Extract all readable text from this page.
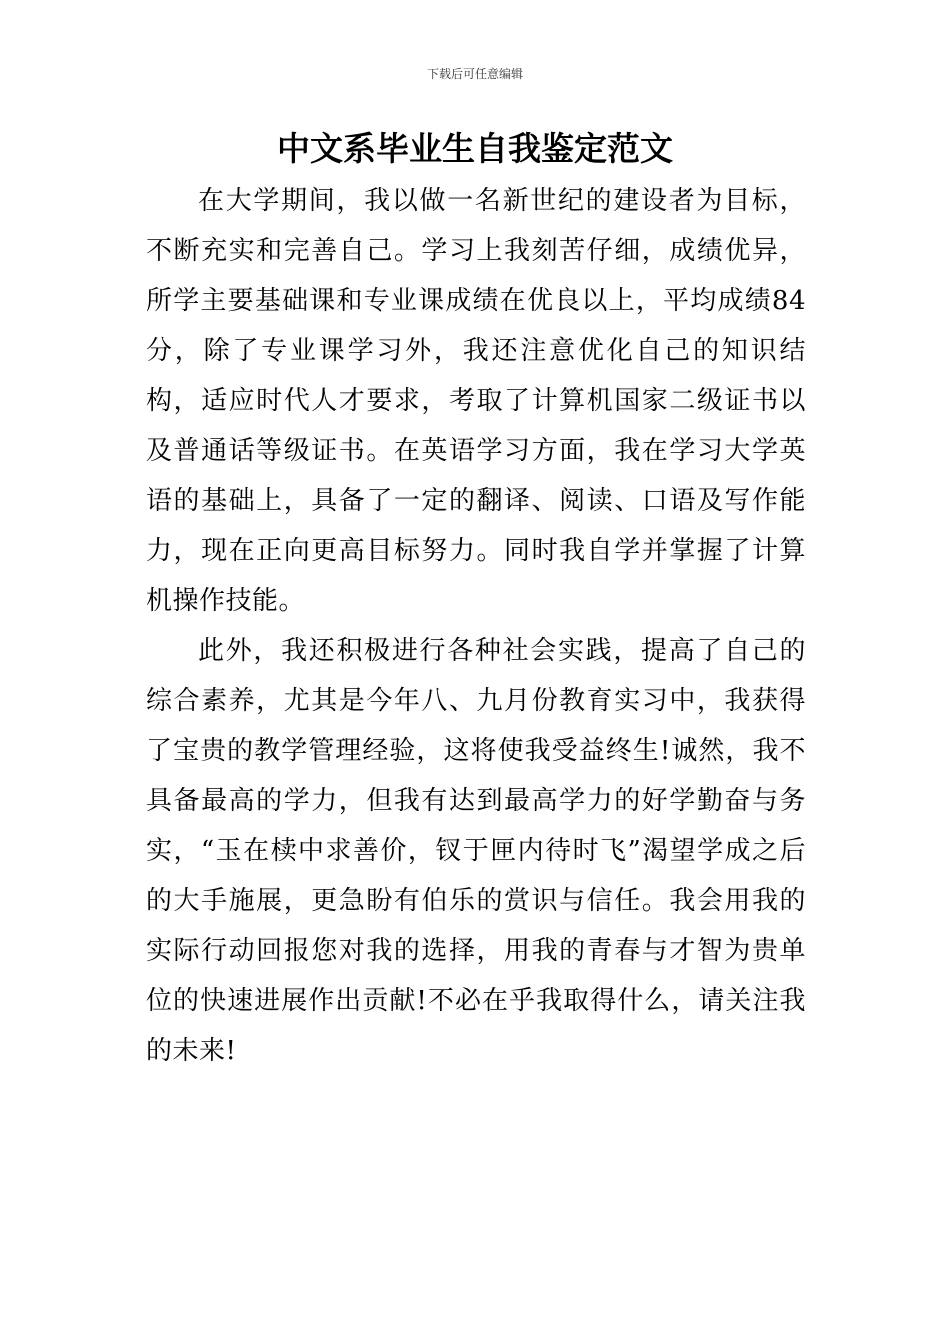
下载后可任意编辑
中文系毕业生自我鉴定范文

在大学期间，我以做一名新世纪的建设者为目标，不断充实和完善自己。学习上我刻苦仔细，成绩优异，所学主要基础课和专业课成绩在优良以上，平均成绩84分，除了专业课学习外，我还注意优化自己的知识结构，适应时代人才要求，考取了计算机国家二级证书以及普通话等级证书。在英语学习方面，我在学习大学英语的基础上，具备了一定的翻译、阅读、口语及写作能力，现在正向更高目标努力。同时我自学并掌握了计算机操作技能。

此外，我还积极进行各种社会实践，提高了自己的综合素养，尤其是今年八、九月份教育实习中，我获得了宝贵的教学管理经验，这将使我受益终生!诚然，我不具备最高的学力，但我有达到最高学力的好学勤奋与务实，“玉在椟中求善价，钗于匣内待时飞”渴望学成之后的大手施展，更急盼有伯乐的赏识与信任。我会用我的实际行动回报您对我的选择，用我的青春与才智为贵单位的快速进展作出贡献!不必在乎我取得什么，请关注我的未来!
